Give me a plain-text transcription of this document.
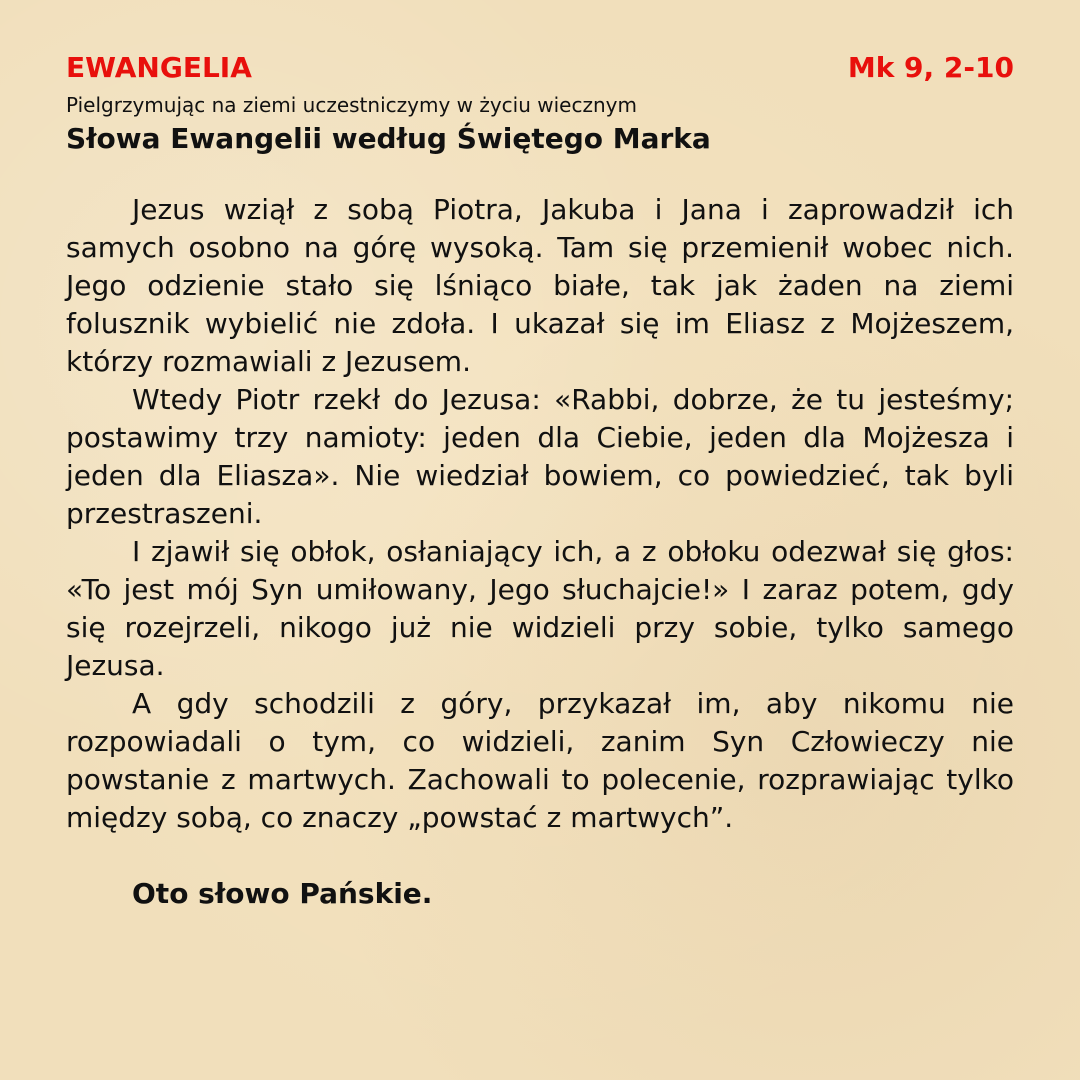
EWANGELIA	Mk 9, 2-10
Pielgrzymując na ziemi uczestniczymy w życiu wiecznym
Słowa Ewangelii według Świętego Marka

Jezus wziął z sobą Piotra, Jakuba i Jana i zaprowadził ich samych osobno na górę wysoką. Tam się przemienił wobec nich. Jego odzienie stało się lśniąco białe, tak jak żaden na ziemi folusznik wybielić nie zdoła. I ukazał się im Eliasz z Mojżeszem, którzy rozmawiali z Jezusem.

Wtedy Piotr rzekł do Jezusa: «Rabbi, dobrze, że tu jesteśmy; postawimy trzy namioty: jeden dla Ciebie, jeden dla Mojżesza i jeden dla Eliasza». Nie wiedział bowiem, co powiedzieć, tak byli przestraszeni.

I zjawił się obłok, osłaniający ich, a z obłoku odezwał się głos: «To jest mój Syn umiłowany, Jego słuchajcie!» I zaraz potem, gdy się rozejrzeli, nikogo już nie widzieli przy sobie, tylko samego Jezusa.

A gdy schodzili z góry, przykazał im, aby nikomu nie rozpowiadali o tym, co widzieli, zanim Syn Człowieczy nie powstanie z martwych. Zachowali to polecenie, rozprawiając tylko między sobą, co znaczy „powstać z martwych”.

Oto słowo Pańskie.
